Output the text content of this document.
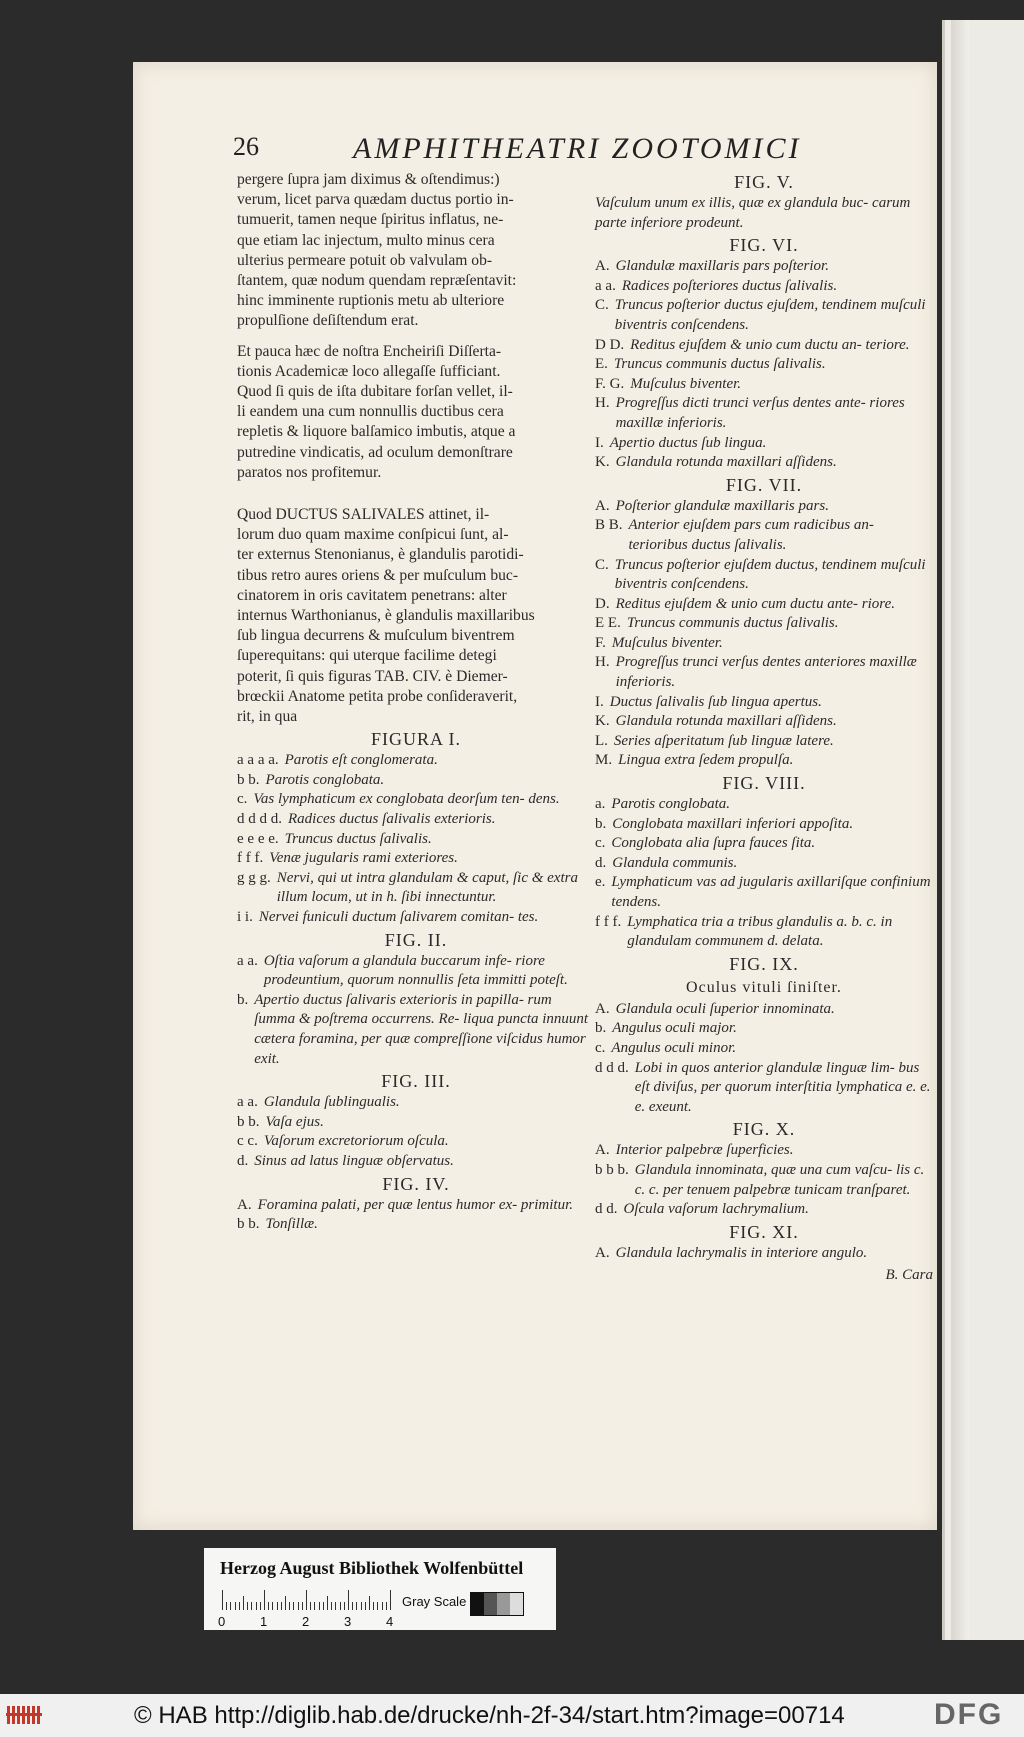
26	AMPHITHEATRI ZOOTOMICI
pergere ſupra jam diximus & oſtendimus:)
verum, licet parva quædam ductus portio in-
tumuerit, tamen neque ſpiritus inflatus, ne-
que etiam lac injectum, multo minus cera
ulterius permeare potuit ob valvulam ob-
ſtantem, quæ nodum quendam repræſentavit:
hinc imminente ruptionis metu ab ulteriore
propulſione deſiſtendum erat.
Et pauca hæc de noſtra Encheiriſi Diſſerta-
tionis Academicæ loco allegaſſe ſufficiant.
Quod ſi quis de iſta dubitare forſan vellet, il-
li eandem una cum nonnullis ductibus cera
repletis & liquore balſamico imbutis, atque a
putredine vindicatis, ad oculum demonſtrare
paratos nos profitemur.
Quod DUCTUS SALIVALES attinet, il-
lorum duo quam maxime conſpicui ſunt, al-
ter externus Stenonianus, è glandulis parotidi-
tibus retro aures oriens & per muſculum buc-
cinatorem in oris cavitatem penetrans: alter
internus Warthonianus, è glandulis maxillaribus
ſub lingua decurrens & muſculum biventrem
ſuperequitans: qui uterque facilime detegi
poterit, ſi quis figuras TAB. CIV. è Diemer-
brœckii Anatome petita probe conſideraverit,
rit, in qua
FIGURA I.
a a a a. Parotis eſt conglomerata.
b b. Parotis conglobata.
c. Vas lymphaticum ex conglobata deorſum ten- dens.
d d d d. Radices ductus ſalivalis exterioris.
e e e e. Truncus ductus ſalivalis.
f f f. Venæ jugularis rami exteriores.
g g g. Nervi, qui ut intra glandulam & caput, ſic & extra illum locum, ut in h. ſibi innectuntur.
i i. Nervei funiculi ductum ſalivarem comitan- tes.
FIG. II.
a a. Oſtia vaſorum a glandula buccarum infe- riore prodeuntium, quorum nonnullis ſeta immitti poteſt.
b. Apertio ductus ſalivaris exterioris in papilla- rum ſumma & poſtrema occurrens. Re- liqua puncta innuunt cætera foramina, per quæ compreſſione viſcidus humor exit.
FIG. III.
a a. Glandula ſublingualis.
b b. Vaſa ejus.
c c. Vaſorum excretoriorum oſcula.
d. Sinus ad latus linguæ obſervatus.
FIG. IV.
A. Foramina palati, per quæ lentus humor ex- primitur.
b b. Tonſillæ.
FIG. V.
Vaſculum unum ex illis, quæ ex glandula buc- carum parte inferiore prodeunt.
FIG. VI.
A. Glandulæ maxillaris pars poſterior.
a a. Radices poſteriores ductus ſalivalis.
C. Truncus poſterior ductus ejuſdem, tendinem muſculi biventris conſcendens.
D D. Reditus ejuſdem & unio cum ductu an- teriore.
E. Truncus communis ductus ſalivalis.
F. G. Muſculus biventer.
H. Progreſſus dicti trunci verſus dentes ante- riores maxillæ inferioris.
I. Apertio ductus ſub lingua.
K. Glandula rotunda maxillari aſſidens.
FIG. VII.
A. Poſterior glandulæ maxillaris pars.
B B. Anterior ejuſdem pars cum radicibus an- terioribus ductus ſalivalis.
C. Truncus poſterior ejuſdem ductus, tendinem muſculi biventris conſcendens.
D. Reditus ejuſdem & unio cum ductu ante- riore.
E E. Truncus communis ductus ſalivalis.
F. Muſculus biventer.
H. Progreſſus trunci verſus dentes anteriores maxillæ inferioris.
I. Ductus ſalivalis ſub lingua apertus.
K. Glandula rotunda maxillari aſſidens.
L. Series aſperitatum ſub linguæ latere.
M. Lingua extra ſedem propulſa.
FIG. VIII.
a. Parotis conglobata.
b. Conglobata maxillari inferiori appoſita.
c. Conglobata alia ſupra fauces ſita.
d. Glandula communis.
e. Lymphaticum vas ad jugularis axillariſque confinium tendens.
f f f. Lymphatica tria a tribus glandulis a. b. c. in glandulam communem d. delata.
FIG. IX.
Oculus vituli ſiniſter.
A. Glandula oculi ſuperior innominata.
b. Angulus oculi major.
c. Angulus oculi minor.
d d d. Lobi in quos anterior glandulæ linguæ lim- bus eſt diviſus, per quorum interſtitia lymphatica e. e. e. exeunt.
FIG. X.
A. Interior palpebræ ſuperficies.
b b b. Glandula innominata, quæ una cum vaſcu- lis c. c. c. per tenuem palpebræ tunicam tranſparet.
d d. Oſcula vaſorum lachrymalium.
FIG. XI.
A. Glandula lachrymalis in interiore angulo.
B. Cara
Herzog August Bibliothek Wolfenbüttel
Gray Scale
0	1	2	3	4
© HAB http://diglib.hab.de/drucke/nh-2f-34/start.htm?image=00714	DFG
